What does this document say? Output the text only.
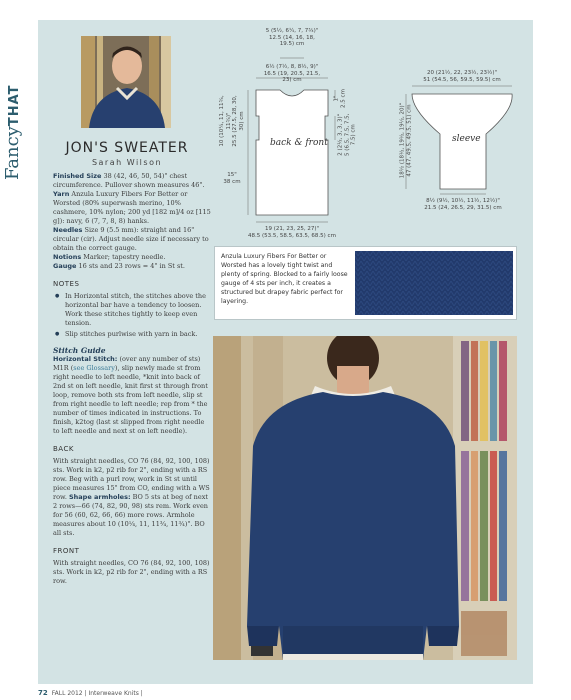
FancyTHAT
JON'S SWEATER
Sarah Wilson

Finished Size 38 (42, 46, 50, 54)" chest circumference. Pullover shown measures 46".

Yarn Anzula Luxury Fibers For Better or Worsted (80% superwash merino, 10% cashmere, 10% nylon; 200 yd [182 m]/4 oz [115 g]): navy, 6 (7, 7, 8, 8) hanks.

Needles Size 9 (5.5 mm): straight and 16" circular (cir). Adjust needle size if necessary to obtain the correct gauge.

Notions Marker; tapestry needle.

Gauge 16 sts and 23 rows = 4" in St st.

NOTES
● In Horizontal stitch, the stitches above the horizontal bar have a tendency to loosen. Work these stitches tightly to keep even tension.
● Slip stitches purlwise with yarn in back.
Stitch Guide

Horizontal Stitch: (over any number of sts) M1R (see Glossary), slip newly made st from right needle to left needle, *knit into back of 2nd st on left needle, knit first st through front loop, remove both sts from left needle, slip st from right needle to left needle; rep from * the number of times indicated in instructions. To finish, k2tog (last st slipped from right needle to left needle and next st on left needle).

BACK

With straight needles, CO 76 (84, 92, 100, 108) sts. Work in k2, p2 rib for 2", ending with a RS row. Beg with a purl row, work in St st until piece measures 15" from CO, ending with a WS row. Shape armholes: BO 5 sts at beg of next 2 rows—66 (74, 82, 90, 98) sts rem. Work even for 56 (60, 62, 66, 66) more rows. Armhole measures about 10 (10¼, 11, 11¾, 11¾)". BO all sts.

FRONT

With straight needles, CO 76 (84, 92, 100, 108) sts. Work in k2, p2 rib for 2", ending with a RS row.

back & front
5 (5½, 6¼, 7, 7¾)"
12.5 (14, 16, 18, 19.5) cm
6½ (7½, 8, 8½, 9)"
16.5 (19, 20.5, 21.5, 23) cm
19 (21, 23, 25, 27)"
48.5 (53.5, 58.5, 63.5, 68.5) cm
10 (10¼, 11, 11¾, 11¾)"
25.5 (27.5, 28, 30, 30) cm
15"
38 cm
1"
2.5 cm
2 (2½, 3, 3, 3)"
5 (6.5, 7.5, 7.5, 7.5) cm
sleeve
20 (21½, 22, 23½, 23½)"
51 (54.5, 56, 59.5, 59.5) cm
8½ (9½, 10½, 11½, 12½)"
21.5 (24, 26.5, 29, 31.5) cm
18½ (18½, 19½, 19½, 20)"
47 (47, 49.5, 49.5, 51) cm
Anzula Luxury Fibers For Better or Worsted has a lovely tight twist and plenty of spring. Blocked to a fairly loose gauge of 4 sts per inch, it creates a structured but drapey fabric perfect for layering.
72 FALL 2012 | Interweave Knits |
